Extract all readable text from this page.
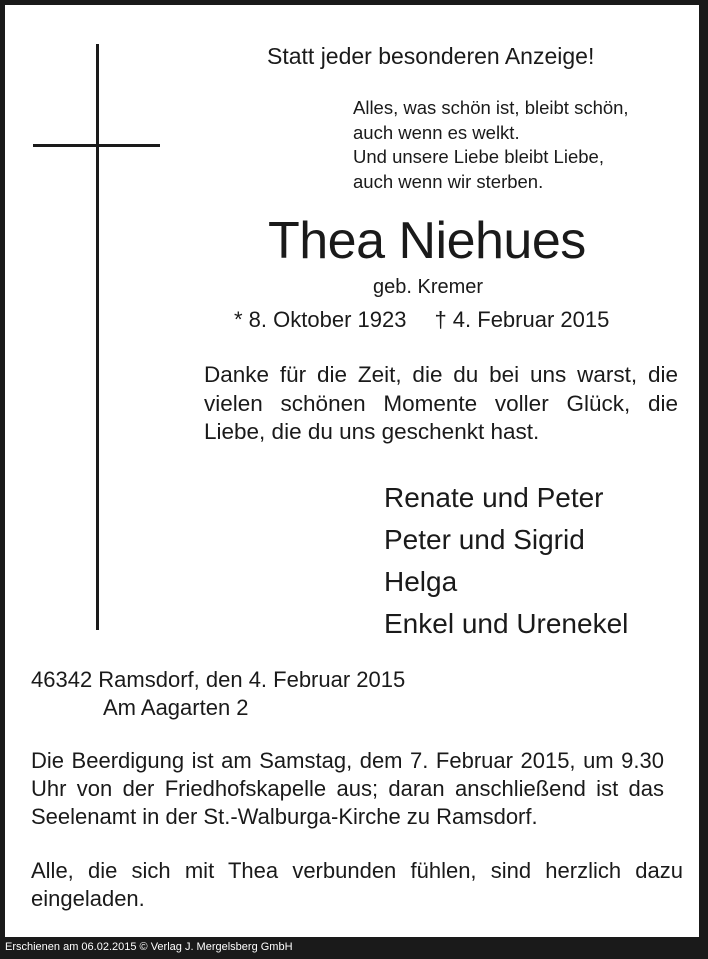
Statt jeder besonderen Anzeige!
Alles, was schön ist, bleibt schön,
auch wenn es welkt.
Und unsere Liebe bleibt Liebe,
auch wenn wir sterben.
Thea Niehues
geb. Kremer
* 8. Oktober 1923 † 4. Februar 2015
Danke für die Zeit, die du bei uns warst, die vielen schönen Momente voller Glück, die Liebe, die du uns geschenkt hast.
Renate und Peter
Peter und Sigrid
Helga
Enkel und Urenekel
46342 Ramsdorf, den 4. Februar 2015
Am Aagarten 2
Die Beerdigung ist am Samstag, dem 7. Februar 2015, um 9.30 Uhr von der Friedhofskapelle aus; daran anschließend ist das Seelenamt in der St.-Walburga-Kirche zu Ramsdorf.
Alle, die sich mit Thea verbunden fühlen, sind herzlich dazu eingeladen.
Erschienen am 06.02.2015 © Verlag J. Mergelsberg GmbH
